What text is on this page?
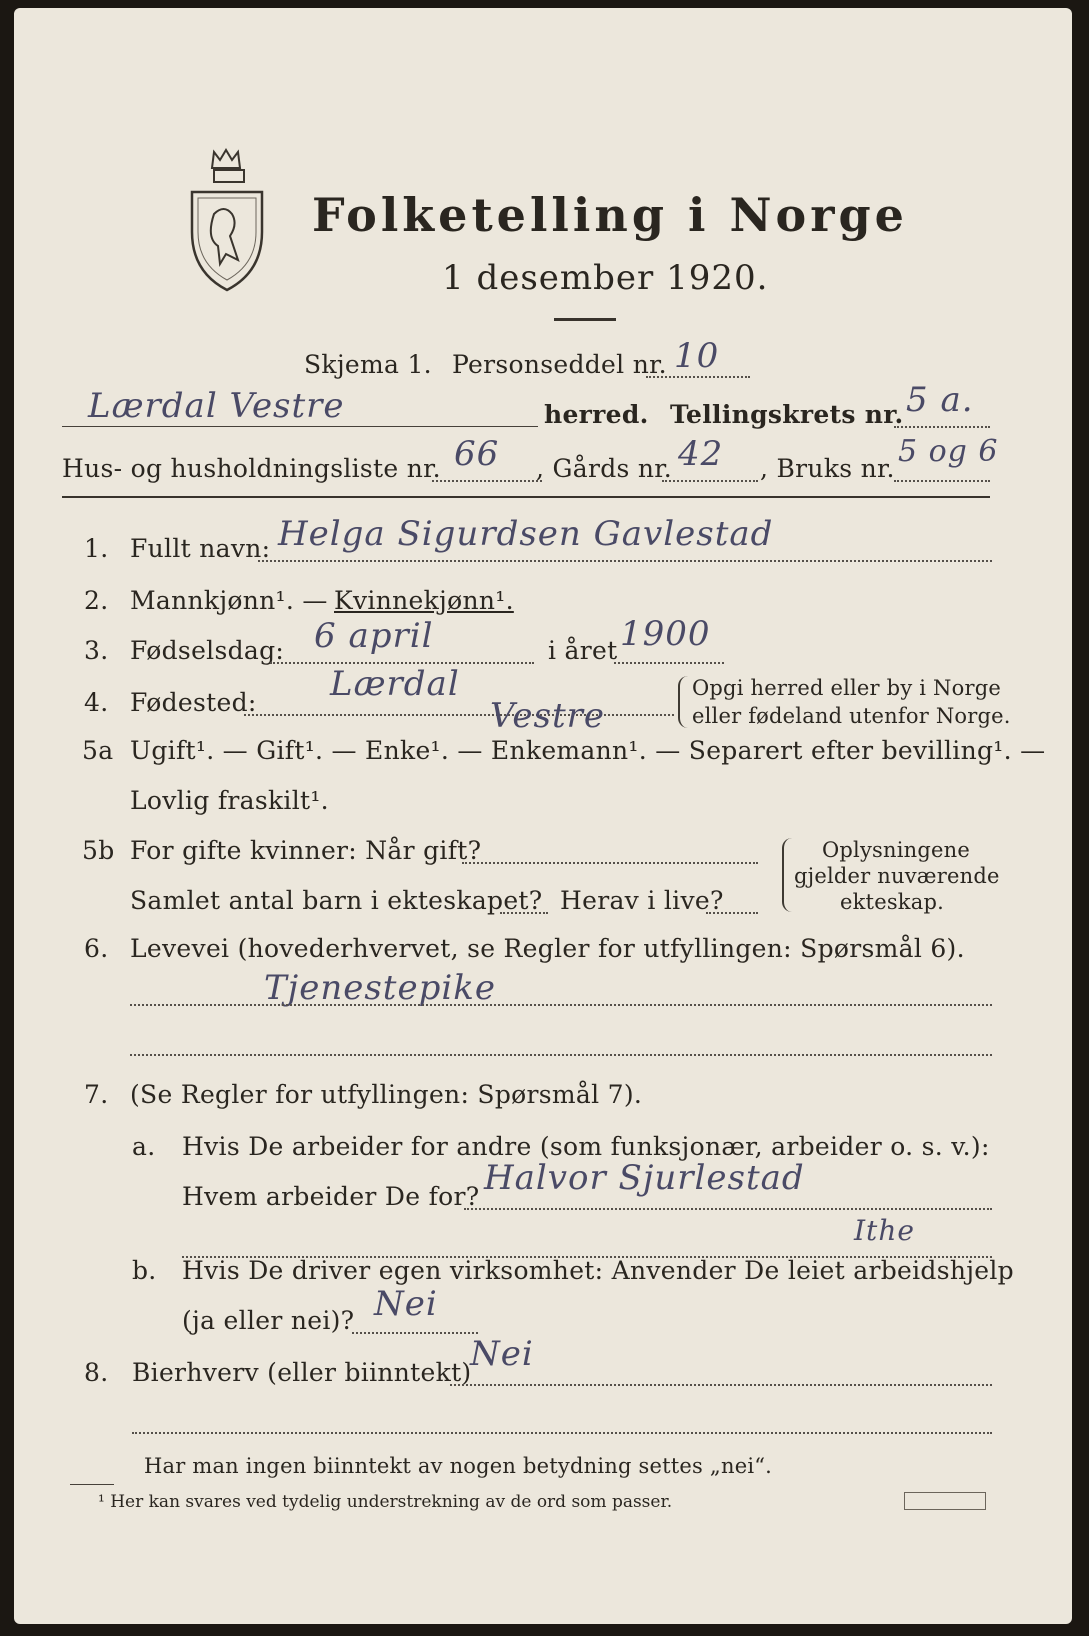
Folketelling i Norge
1 desember 1920.
Skjema 1. Personseddel nr. 10
Lærdal Vestre	herred. Tellingskrets nr. 5 a.
Hus- og husholdningsliste nr. 66 , Gårds nr. 42 , Bruks nr. 5 og 6
1. Fullt navn: Helga Sigurdsen Gavlestad
2. Mannkjønn¹. — Kvinnekjønn¹.
3. Fødselsdag: 6 april	i året 1900
4. Fødested: Lærdal
Vestre
Opgi herred eller by i Norge
eller fødeland utenfor Norge.
5a Ugift¹. — Gift¹. — Enke¹. — Enkemann¹. — Separert efter bevilling¹. —
Lovlig fraskilt¹.
5b For gifte kvinner: Når gift?
Samlet antal barn i ekteskapet? Herav i live?
Oplysningene
gjelder nuværende
ekteskap.
6. Levevei (hovederhvervet, se Regler for utfyllingen: Spørsmål 6).
Tjenestepike
7. (Se Regler for utfyllingen: Spørsmål 7).
a. Hvis De arbeider for andre (som funksjonær, arbeider o. s. v.):
Hvem arbeider De for? Halvor Sjurlestad
Ithe
b. Hvis De driver egen virksomhet: Anvender De leiet arbeidshjelp
(ja eller nei)? Nei
8. Bierhverv (eller biinntekt)
Nei
Har man ingen biinntekt av nogen betydning settes „nei“.
¹ Her kan svares ved tydelig understrekning av de ord som passer.
